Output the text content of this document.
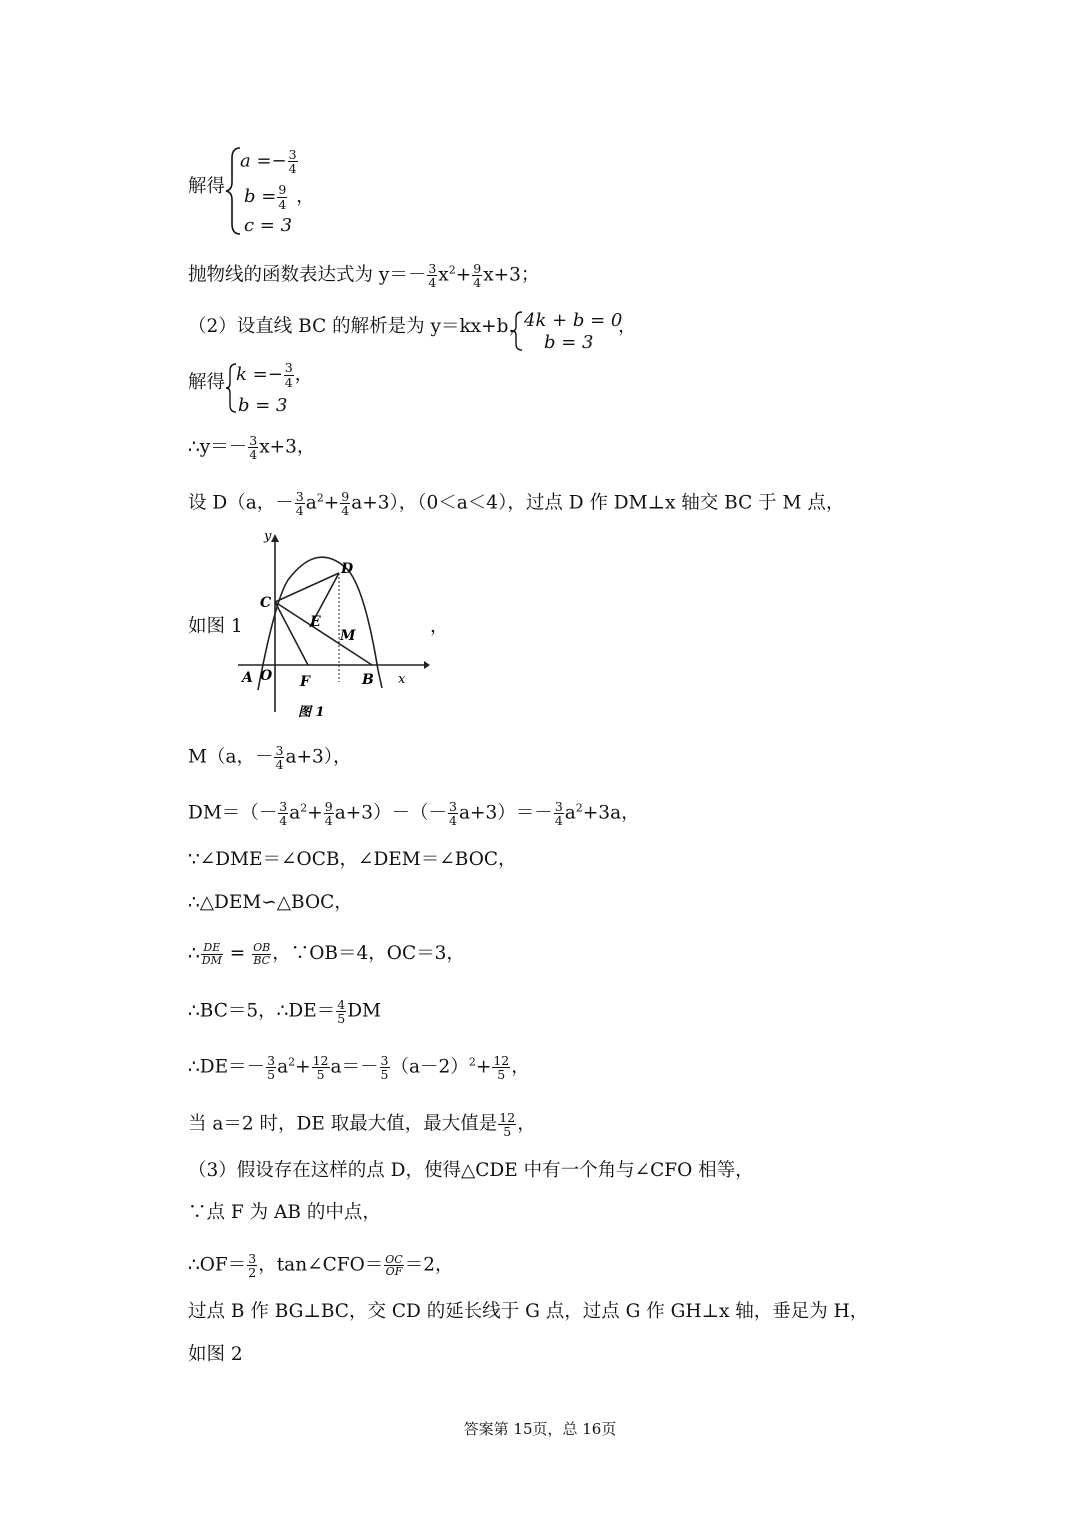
解得
$a =- \frac{3}{4}$
$b = \frac{9}{4}$ ，
c = 3
抛物线的函数表达式为 $y=- \frac{3}{4} x^2+ \frac{9}{4} x+3$；
（2）设直线 BC 的解析是为 y＝kx+b，
4k + b = 0
b = 3
，
解得 $k =- \frac{3}{4}$ ，
b = 3
∴y＝－ $\frac{3}{4} x+3$，
设 D（a，－ $\frac{3}{4} a^2+ \frac{9}{4} a+3$），（0＜a＜4），过点 D 作 DM⊥x 轴交 BC 于 M 点，
如图 1	，
y
x
A O F	B
C
D
E
M
图 1
M（a，－ $\frac{3}{4} a+3$），
$DM=(- \frac{3}{4} a^2+ \frac{9}{4} a+3)-(- \frac{3}{4} a+3)=- \frac{3}{4} a^2+3a$，
∵∠DME＝∠OCB，∠DEM＝∠BOC，
∴△DEM∽△BOC，
∴ $\frac{DE}{DM} = \frac{OB}{BC}$ ，∵OB＝4，OC＝3，
∴BC＝5，∴DE＝ $\frac{4}{5}$ DM
∴DE＝－ $\frac{3}{5} a^2+ \frac{12}{5} a=- \frac{3}{5} (a-2)^2+ \frac{12}{5}$ ，
当 a＝2 时，DE 取最大值，最大值是 $\frac{12}{5}$ ，
（3）假设存在这样的点 D，使得△CDE 中有一个角与∠CFO 相等，
∵点 F 为 AB 的中点，
∴OF＝ $\frac{3}{2}$ ，tan∠CFO＝ $\frac{OC}{OF} =2$，
过点 B 作 BG⊥BC，交 CD 的延长线于 G 点，过点 G 作 GH⊥x 轴，垂足为 H，
如图 2
答案第 15页，总 16页
